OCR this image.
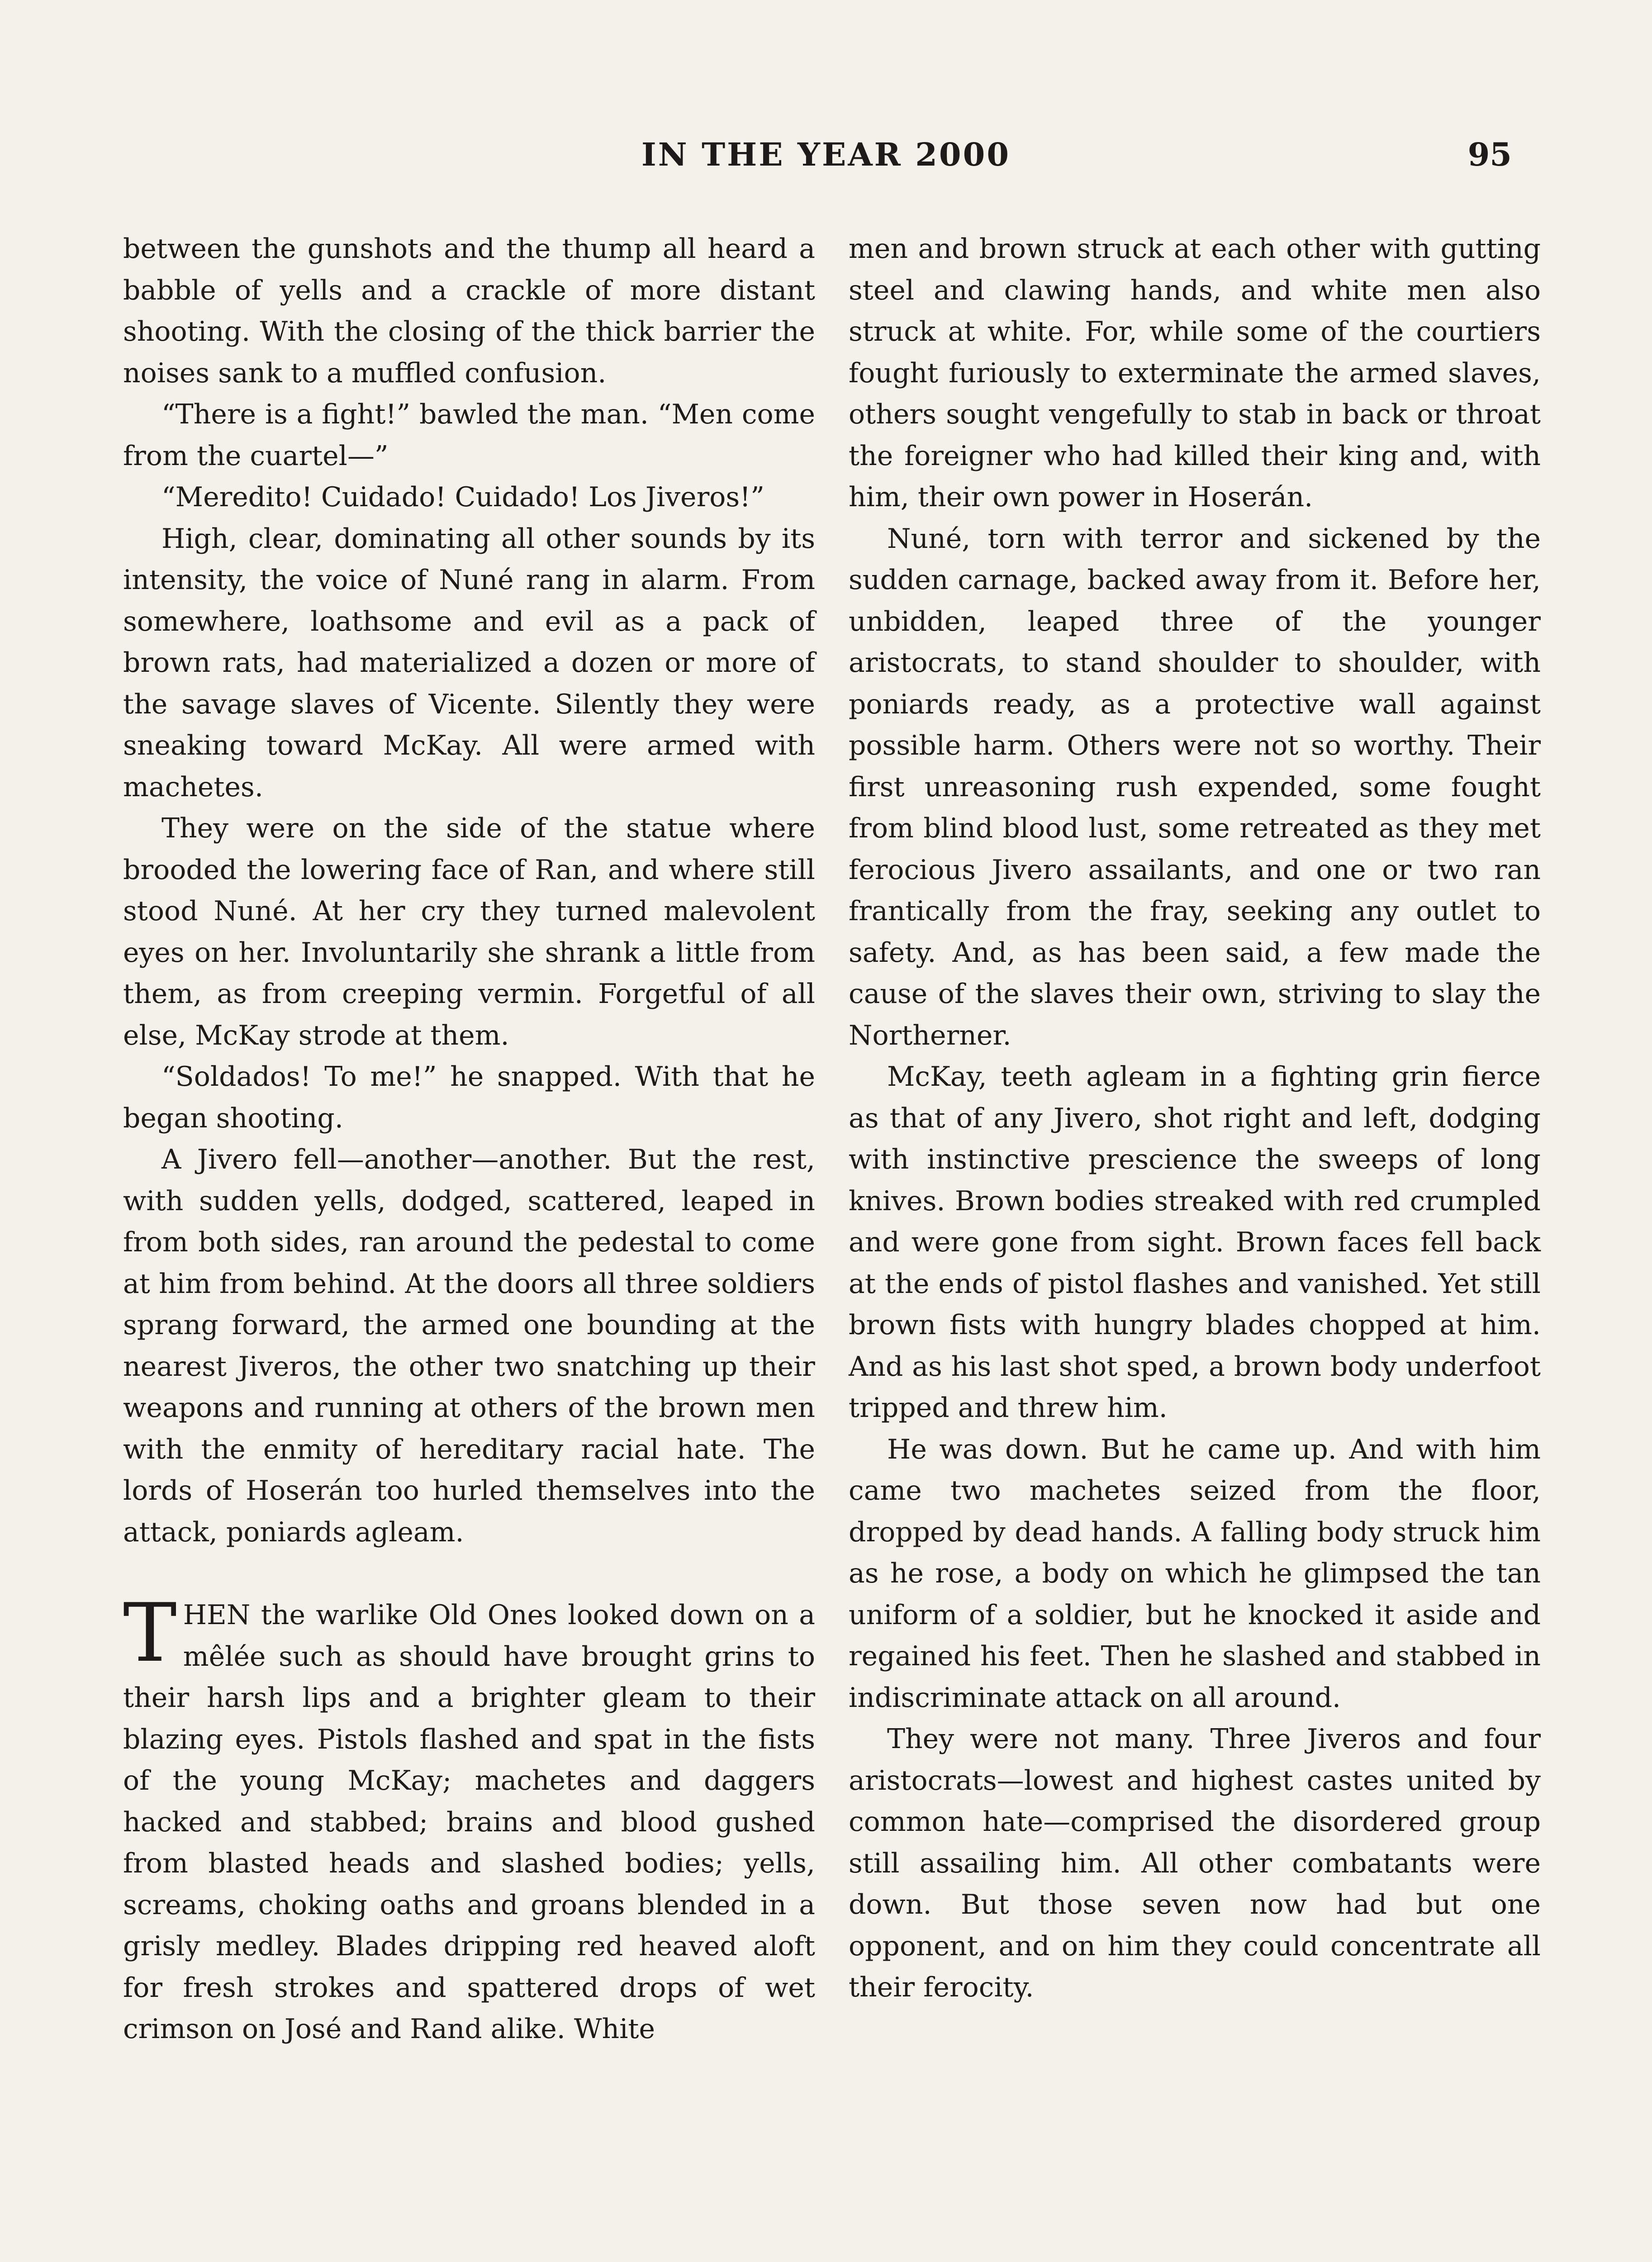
IN THE YEAR 2000	95

between the gunshots and the thump all heard a babble of yells and a crackle of more distant shooting. With the closing of the thick barrier the noises sank to a muffled confusion.

“There is a fight!” bawled the man. “Men come from the cuartel—”

“Meredito! Cuidado! Cuidado! Los Jiveros!”

High, clear, dominating all other sounds by its intensity, the voice of Nuné rang in alarm. From somewhere, loathsome and evil as a pack of brown rats, had materialized a dozen or more of the savage slaves of Vicente. Silently they were sneaking toward McKay. All were armed with machetes.

They were on the side of the statue where brooded the lowering face of Ran, and where still stood Nuné. At her cry they turned malevolent eyes on her. Involuntarily she shrank a little from them, as from creeping vermin. Forgetful of all else, McKay strode at them.

“Soldados! To me!” he snapped. With that he began shooting.

A Jivero fell—another—another. But the rest, with sudden yells, dodged, scattered, leaped in from both sides, ran around the pedestal to come at him from behind. At the doors all three soldiers sprang forward, the armed one bounding at the nearest Jiveros, the other two snatching up their weapons and running at others of the brown men with the enmity of hereditary racial hate. The lords of Hoserán too hurled themselves into the attack, poniards agleam.

THEN the warlike Old Ones looked down on a mêlée such as should have brought grins to their harsh lips and a brighter gleam to their blazing eyes. Pistols flashed and spat in the fists of the young McKay; machetes and daggers hacked and stabbed; brains and blood gushed from blasted heads and slashed bodies; yells, screams, choking oaths and groans blended in a grisly medley. Blades dripping red heaved aloft for fresh strokes and spattered drops of wet crimson on José and Rand alike. White

men and brown struck at each other with gutting steel and clawing hands, and white men also struck at white. For, while some of the courtiers fought furiously to exterminate the armed slaves, others sought vengefully to stab in back or throat the foreigner who had killed their king and, with him, their own power in Hoserán.

Nuné, torn with terror and sickened by the sudden carnage, backed away from it. Before her, unbidden, leaped three of the younger aristocrats, to stand shoulder to shoulder, with poniards ready, as a protective wall against possible harm. Others were not so worthy. Their first unreasoning rush expended, some fought from blind blood lust, some retreated as they met ferocious Jivero assailants, and one or two ran frantically from the fray, seeking any outlet to safety. And, as has been said, a few made the cause of the slaves their own, striving to slay the Northerner.

McKay, teeth agleam in a fighting grin fierce as that of any Jivero, shot right and left, dodging with instinctive prescience the sweeps of long knives. Brown bodies streaked with red crumpled and were gone from sight. Brown faces fell back at the ends of pistol flashes and vanished. Yet still brown fists with hungry blades chopped at him. And as his last shot sped, a brown body underfoot tripped and threw him.

He was down. But he came up. And with him came two machetes seized from the floor, dropped by dead hands. A falling body struck him as he rose, a body on which he glimpsed the tan uniform of a soldier, but he knocked it aside and regained his feet. Then he slashed and stabbed in indiscriminate attack on all around.

They were not many. Three Jiveros and four aristocrats—lowest and highest castes united by common hate—comprised the disordered group still assailing him. All other combatants were down. But those seven now had but one opponent, and on him they could concentrate all their ferocity.
